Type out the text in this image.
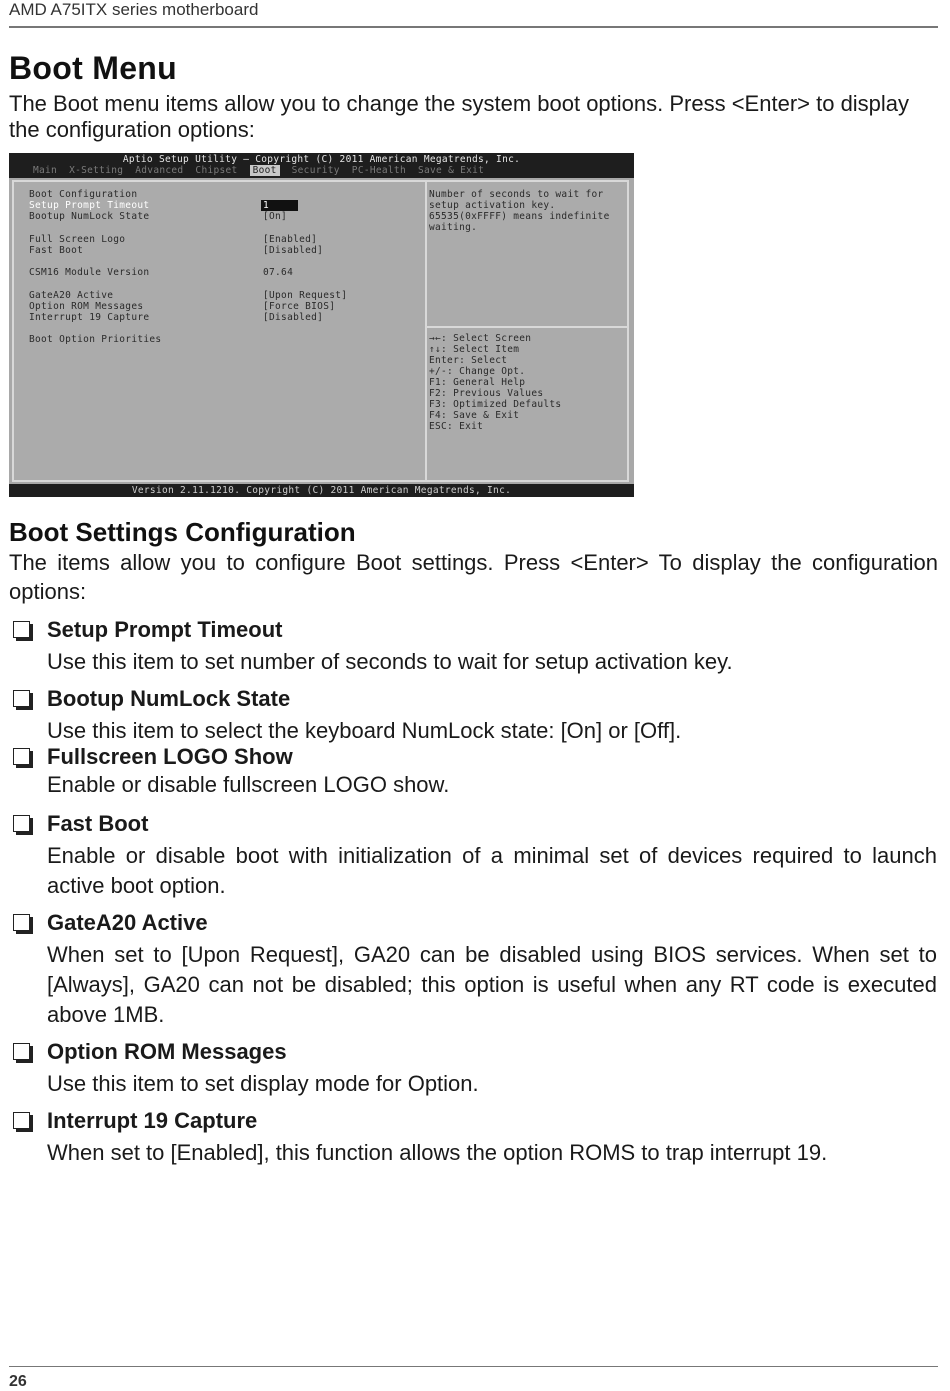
AMD A75ITX series motherboard
Boot Menu
The Boot menu items allow you to change the system boot options. Press <Enter> to display the configuration options:
Aptio Setup Utility – Copyright (C) 2011 American Megatrends, Inc.
Main X-Setting Advanced Chipset	Boot	Security PC-Health Save & Exit
Boot Configuration
Setup Prompt Timeout	1
Bootup NumLock State	[On]
Full Screen Logo	[Enabled]
Fast Boot	[Disabled]
CSM16 Module Version	07.64
GateA20 Active	[Upon Request]
Option ROM Messages	[Force BIOS]
Interrupt 19 Capture	[Disabled]
Boot Option Priorities
Number of seconds to wait for
setup activation key.
65535(0xFFFF) means indefinite
waiting.
→←: Select Screen
↑↓: Select Item
Enter: Select
+/-: Change Opt.
F1: General Help
F2: Previous Values
F3: Optimized Defaults
F4: Save & Exit
ESC: Exit
Version 2.11.1210. Copyright (C) 2011 American Megatrends, Inc.
Boot Settings Configuration
The items allow you to configure Boot settings. Press <Enter> To display the configuration options:
Setup Prompt Timeout
Use this item to set number of seconds to wait for setup activation key.
Bootup NumLock State
Use this item to select the keyboard NumLock state: [On] or [Off].
Fullscreen LOGO Show
Enable or disable fullscreen LOGO show.
Fast Boot
Enable or disable boot with initialization of a minimal set of devices required to launch active boot option.
GateA20 Active
When set to [Upon Request], GA20 can be disabled using BIOS services. When set to [Always], GA20 can not be disabled; this option is useful when any RT code is executed above 1MB.
Option ROM Messages
Use this item to set display mode for Option.
Interrupt 19 Capture
When set to [Enabled], this function allows the option ROMS to trap interrupt 19.
26
